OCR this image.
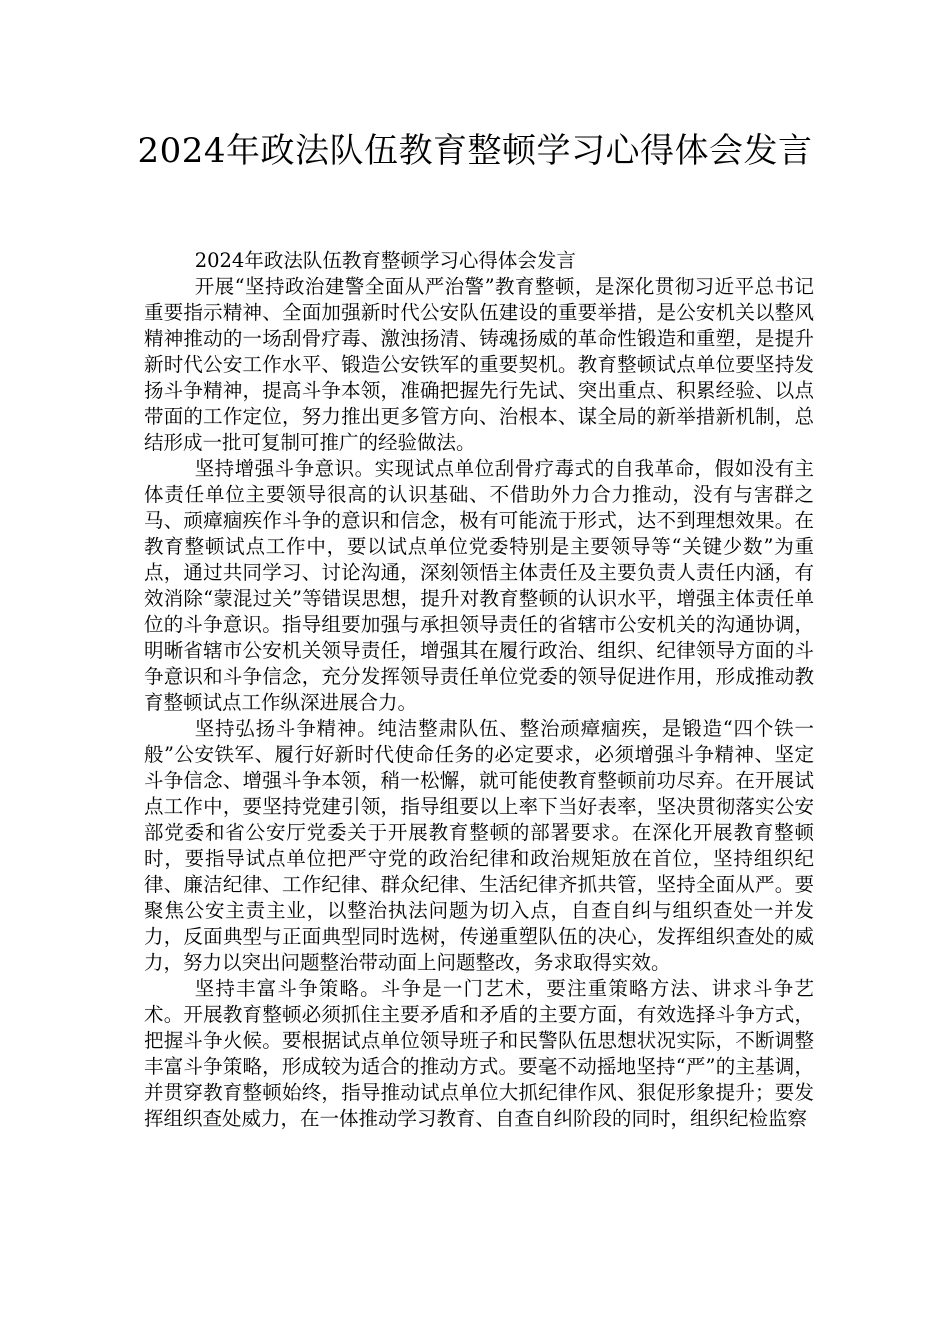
2024年政法队伍教育整顿学习心得体会发言

2024年政法队伍教育整顿学习心得体会发言

开展“坚持政治建警全面从严治警”教育整顿，是深化贯彻习近平总书记重要指示精神、全面加强新时代公安队伍建设的重要举措，是公安机关以整风精神推动的一场刮骨疗毒、激浊扬清、铸魂扬威的革命性锻造和重塑，是提升新时代公安工作水平、锻造公安铁军的重要契机。教育整顿试点单位要坚持发扬斗争精神，提高斗争本领，准确把握先行先试、突出重点、积累经验、以点带面的工作定位，努力推出更多管方向、治根本、谋全局的新举措新机制，总结形成一批可复制可推广的经验做法。

坚持增强斗争意识。实现试点单位刮骨疗毒式的自我革命，假如没有主体责任单位主要领导很高的认识基础、不借助外力合力推动，没有与害群之马、顽瘴痼疾作斗争的意识和信念，极有可能流于形式，达不到理想效果。在教育整顿试点工作中，要以试点单位党委特别是主要领导等“关键少数”为重点，通过共同学习、讨论沟通，深刻领悟主体责任及主要负责人责任内涵，有效消除“蒙混过关”等错误思想，提升对教育整顿的认识水平，增强主体责任单位的斗争意识。指导组要加强与承担领导责任的省辖市公安机关的沟通协调，明晰省辖市公安机关领导责任，增强其在履行政治、组织、纪律领导方面的斗争意识和斗争信念，充分发挥领导责任单位党委的领导促进作用，形成推动教育整顿试点工作纵深进展合力。

坚持弘扬斗争精神。纯洁整肃队伍、整治顽瘴痼疾，是锻造“四个铁一般”公安铁军、履行好新时代使命任务的必定要求，必须增强斗争精神、坚定斗争信念、增强斗争本领，稍一松懈，就可能使教育整顿前功尽弃。在开展试点工作中，要坚持党建引领，指导组要以上率下当好表率，坚决贯彻落实公安部党委和省公安厅党委关于开展教育整顿的部署要求。在深化开展教育整顿时，要指导试点单位把严守党的政治纪律和政治规矩放在首位，坚持组织纪律、廉洁纪律、工作纪律、群众纪律、生活纪律齐抓共管，坚持全面从严。要聚焦公安主责主业，以整治执法问题为切入点，自查自纠与组织查处一并发力，反面典型与正面典型同时选树，传递重塑队伍的决心，发挥组织查处的威力，努力以突出问题整治带动面上问题整改，务求取得实效。

坚持丰富斗争策略。斗争是一门艺术，要注重策略方法、讲求斗争艺术。开展教育整顿必须抓住主要矛盾和矛盾的主要方面，有效选择斗争方式，把握斗争火候。要根据试点单位领导班子和民警队伍思想状况实际，不断调整丰富斗争策略，形成较为适合的推动方式。要毫不动摇地坚持“严”的主基调，并贯穿教育整顿始终，指导推动试点单位大抓纪律作风、狠促形象提升；要发挥组织查处威力，在一体推动学习教育、自查自纠阶段的同时，组织纪检监察
